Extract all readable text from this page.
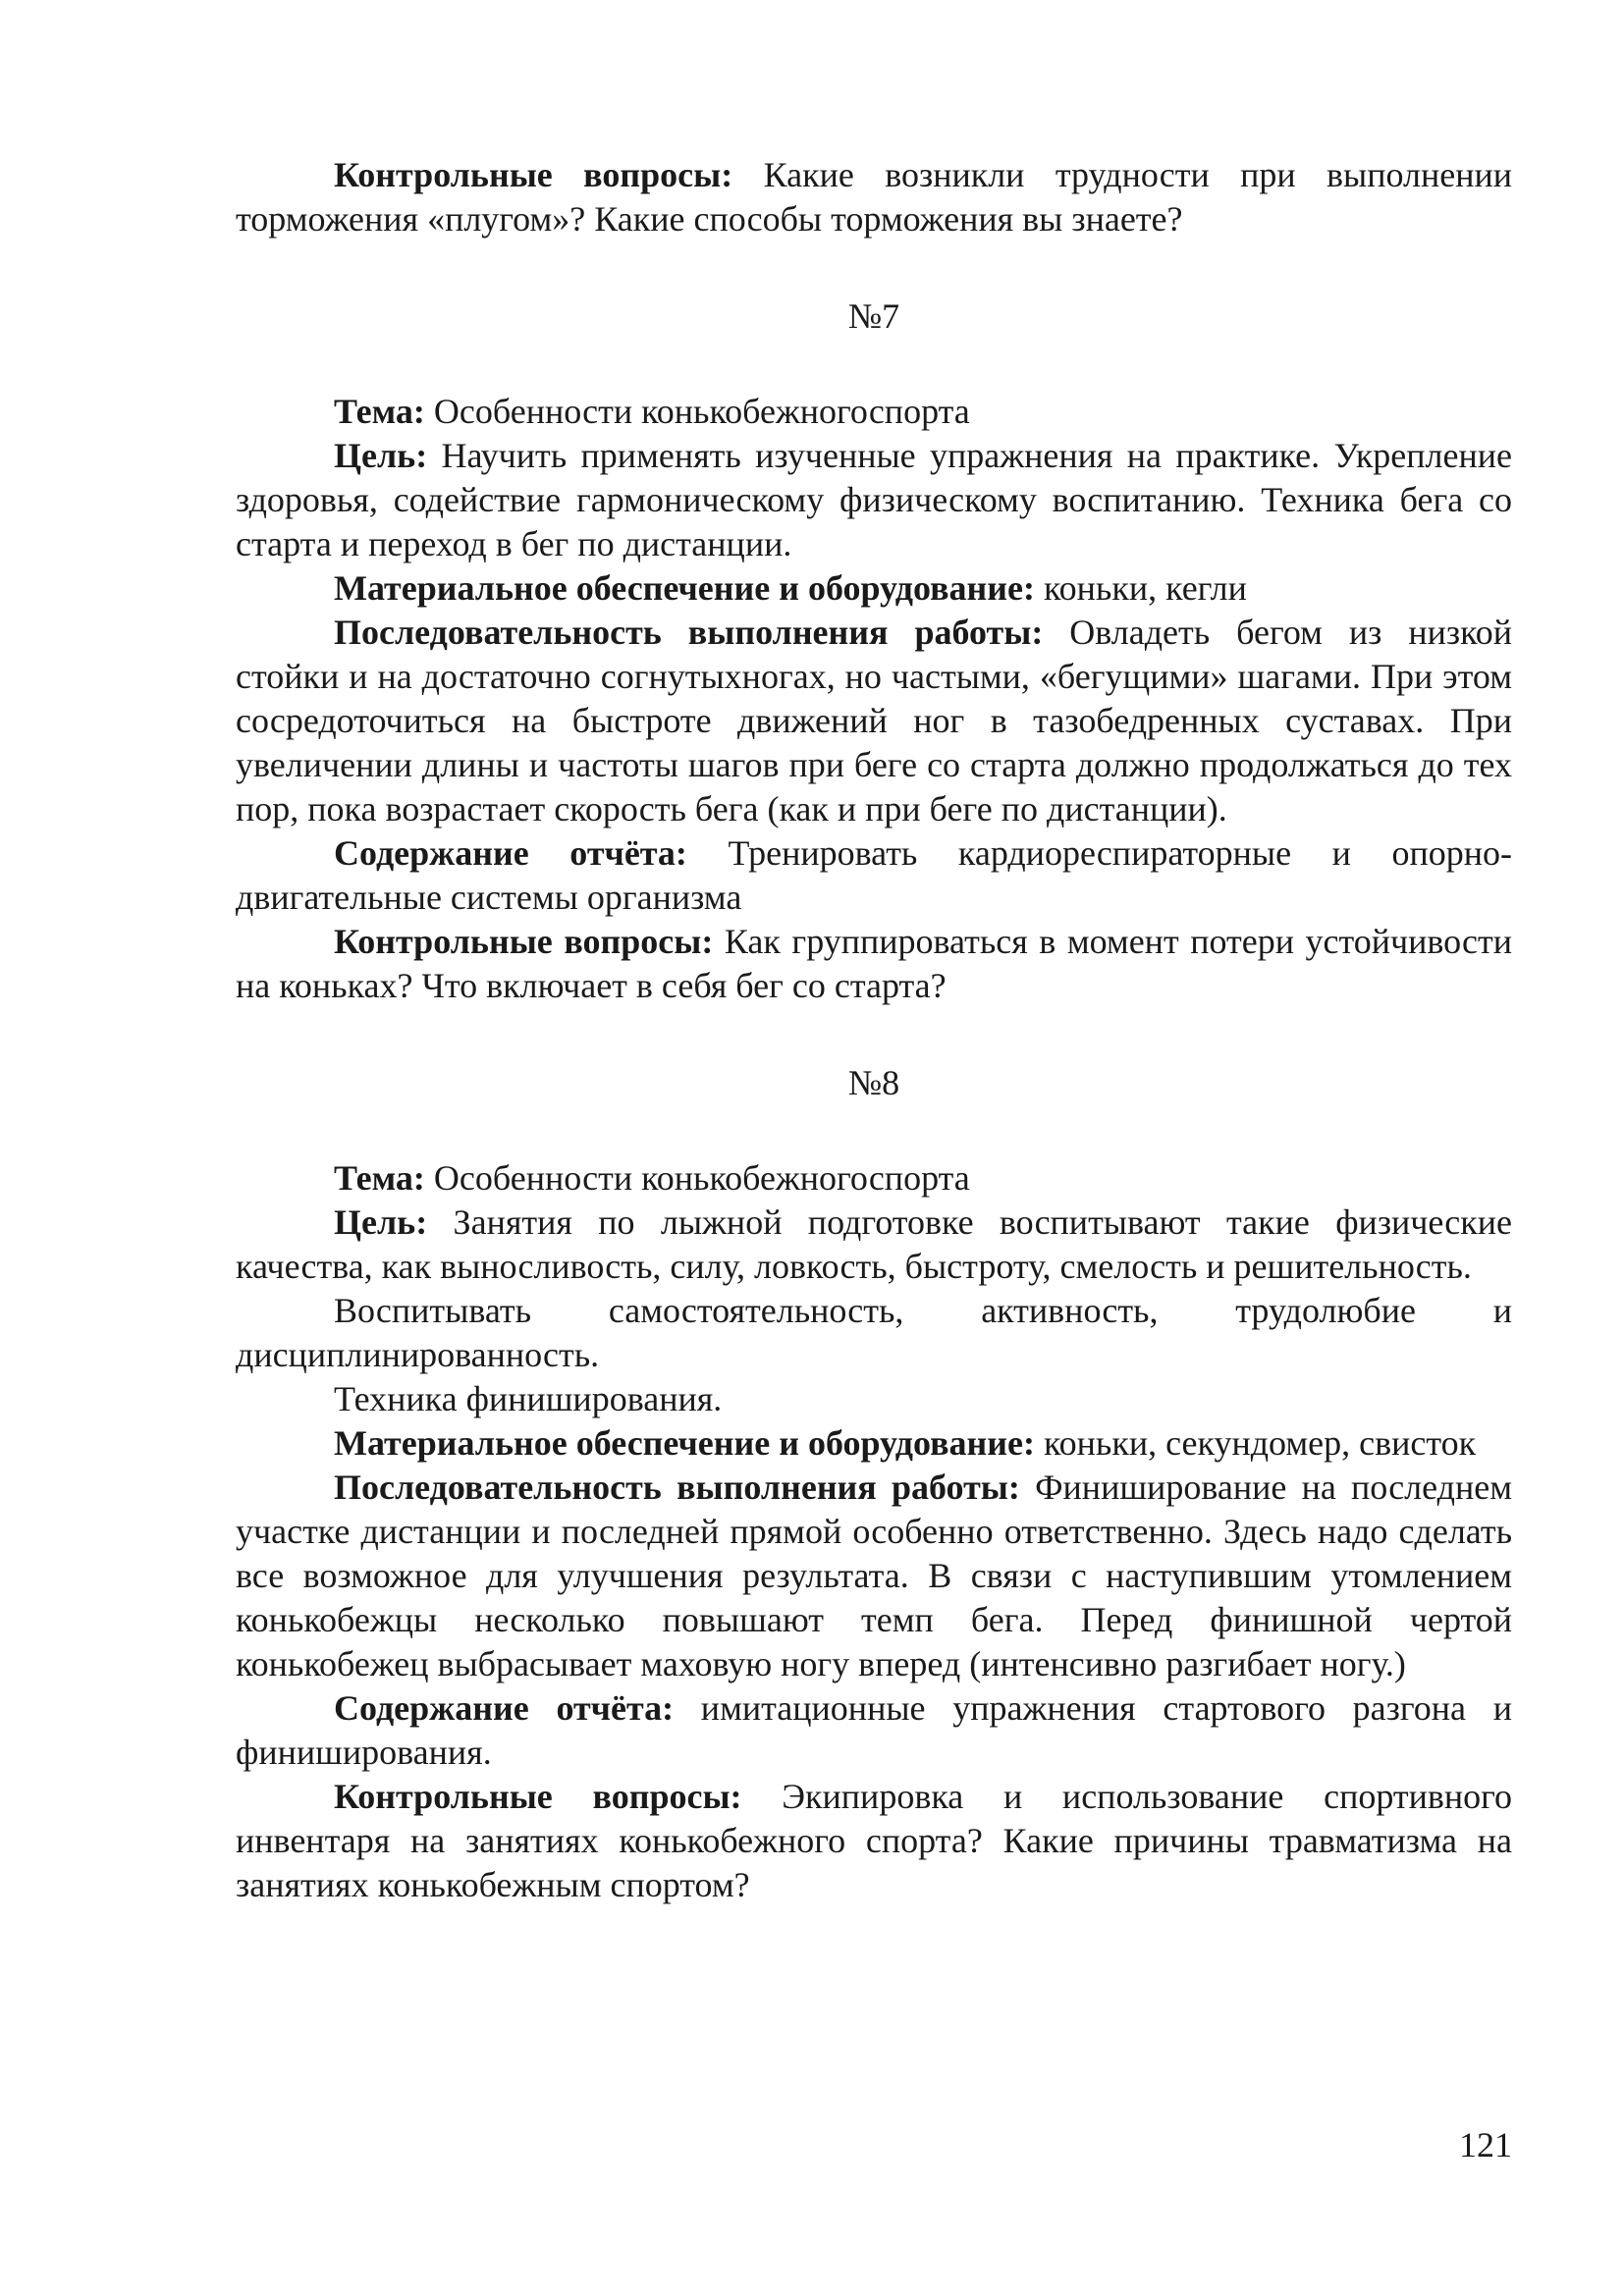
Контрольные вопросы: Какие возникли трудности при выполнении торможения «плугом»? Какие способы торможения вы знаете?

№7

Тема: Особенности конькобежногоспорта

Цель: Научить применять изученные упражнения на практике. Укрепление здоровья, содействие гармоническому физическому воспитанию. Техника бега со старта и переход в бег по дистанции.

Материальное обеспечение и оборудование: коньки, кегли

Последовательность выполнения работы: Овладеть бегом из низкой стойки и на достаточно согнутыхногах, но частыми, «бегущими» шагами. При этом сосредоточиться на быстроте движений ног в тазобедренных суставах. При увеличении длины и частоты шагов при беге со старта должно продолжаться до тех пор, пока возрастает скорость бега (как и при беге по дистанции).

Содержание отчёта: Тренировать кардиореспираторные и опорно-двигательные системы организма

Контрольные вопросы: Как группироваться в момент потери устойчивости на коньках? Что включает в себя бег со старта?

№8

Тема: Особенности конькобежногоспорта

Цель: Занятия по лыжной подготовке воспитывают такие физические качества, как выносливость, силу, ловкость, быстроту, смелость и решительность.

Воспитывать самостоятельность, активность, трудолюбие и дисциплинированность.

Техника финиширования.

Материальное обеспечение и оборудование: коньки, секундомер, свисток

Последовательность выполнения работы: Финиширование на последнем участке дистанции и последней прямой особенно ответственно. Здесь надо сделать все возможное для улучшения результата. В связи с наступившим утомлением конькобежцы несколько повышают темп бега. Перед финишной чертой конькобежец выбрасывает маховую ногу вперед (интенсивно разгибает ногу.)

Содержание отчёта: имитационные упражнения стартового разгона и финиширования.

Контрольные вопросы: Экипировка и использование спортивного инвентаря на занятиях конькобежного спорта? Какие причины травматизма на занятиях конькобежным спортом?

121
